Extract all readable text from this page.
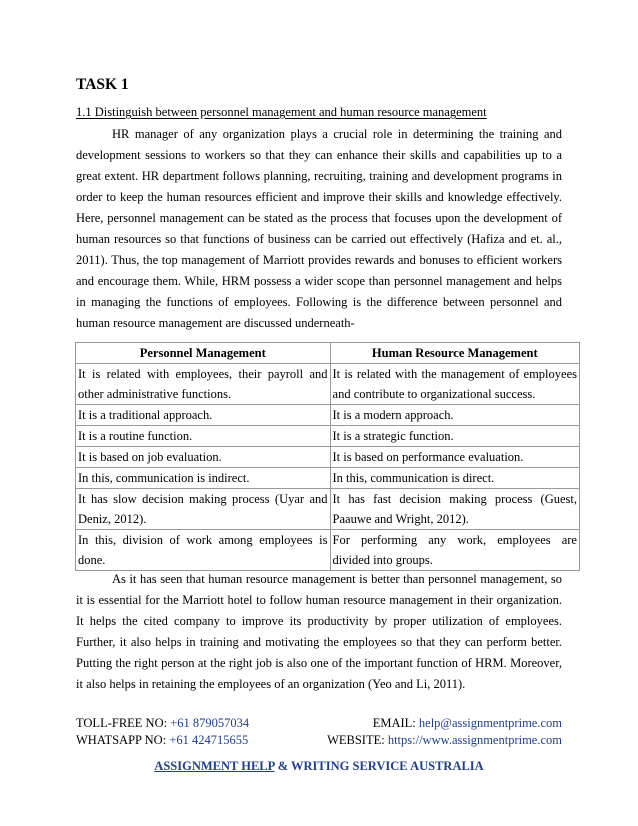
TASK 1
1.1 Distinguish between personnel management and human resource management

HR manager of any organization plays a crucial role in determining the training and development sessions to workers so that they can enhance their skills and capabilities up to a great extent. HR department follows planning, recruiting, training and development programs in order to keep the human resources efficient and improve their skills and knowledge effectively. Here, personnel management can be stated as the process that focuses upon the development of human resources so that functions of business can be carried out effectively (Hafiza and et. al., 2011). Thus, the top management of Marriott provides rewards and bonuses to efficient workers and encourage them. While, HRM possess a wider scope than personnel management and helps in managing the functions of employees. Following is the difference between personnel and human resource management are discussed underneath-

Personnel Management	Human Resource Management
It is related with employees, their payroll and other administrative functions.	It is related with the management of employees and contribute to organizational success.
It is a traditional approach.	It is a modern approach.
It is a routine function.	It is a strategic function.
It is based on job evaluation.	It is based on performance evaluation.
In this, communication is indirect.	In this, communication is direct.
It has slow decision making process (Uyar and Deniz, 2012).	It has fast decision making process (Guest, Paauwe and Wright, 2012).
In this, division of work among employees is done.	For performing any work, employees are divided into groups.

As it has seen that human resource management is better than personnel management, so it is essential for the Marriott hotel to follow human resource management in their organization. It helps the cited company to improve its productivity by proper utilization of employees. Further, it also helps in training and motivating the employees so that they can perform better. Putting the right person at the right job is also one of the important function of HRM. Moreover, it also helps in retaining the employees of an organization (Yeo and Li, 2011).

TOLL-FREE NO: +61 879057034	EMAIL: help@assignmentprime.com
WHATSAPP NO: +61 424715655	WEBSITE: https://www.assignmentprime.com
ASSIGNMENT HELP & WRITING SERVICE AUSTRALIA
